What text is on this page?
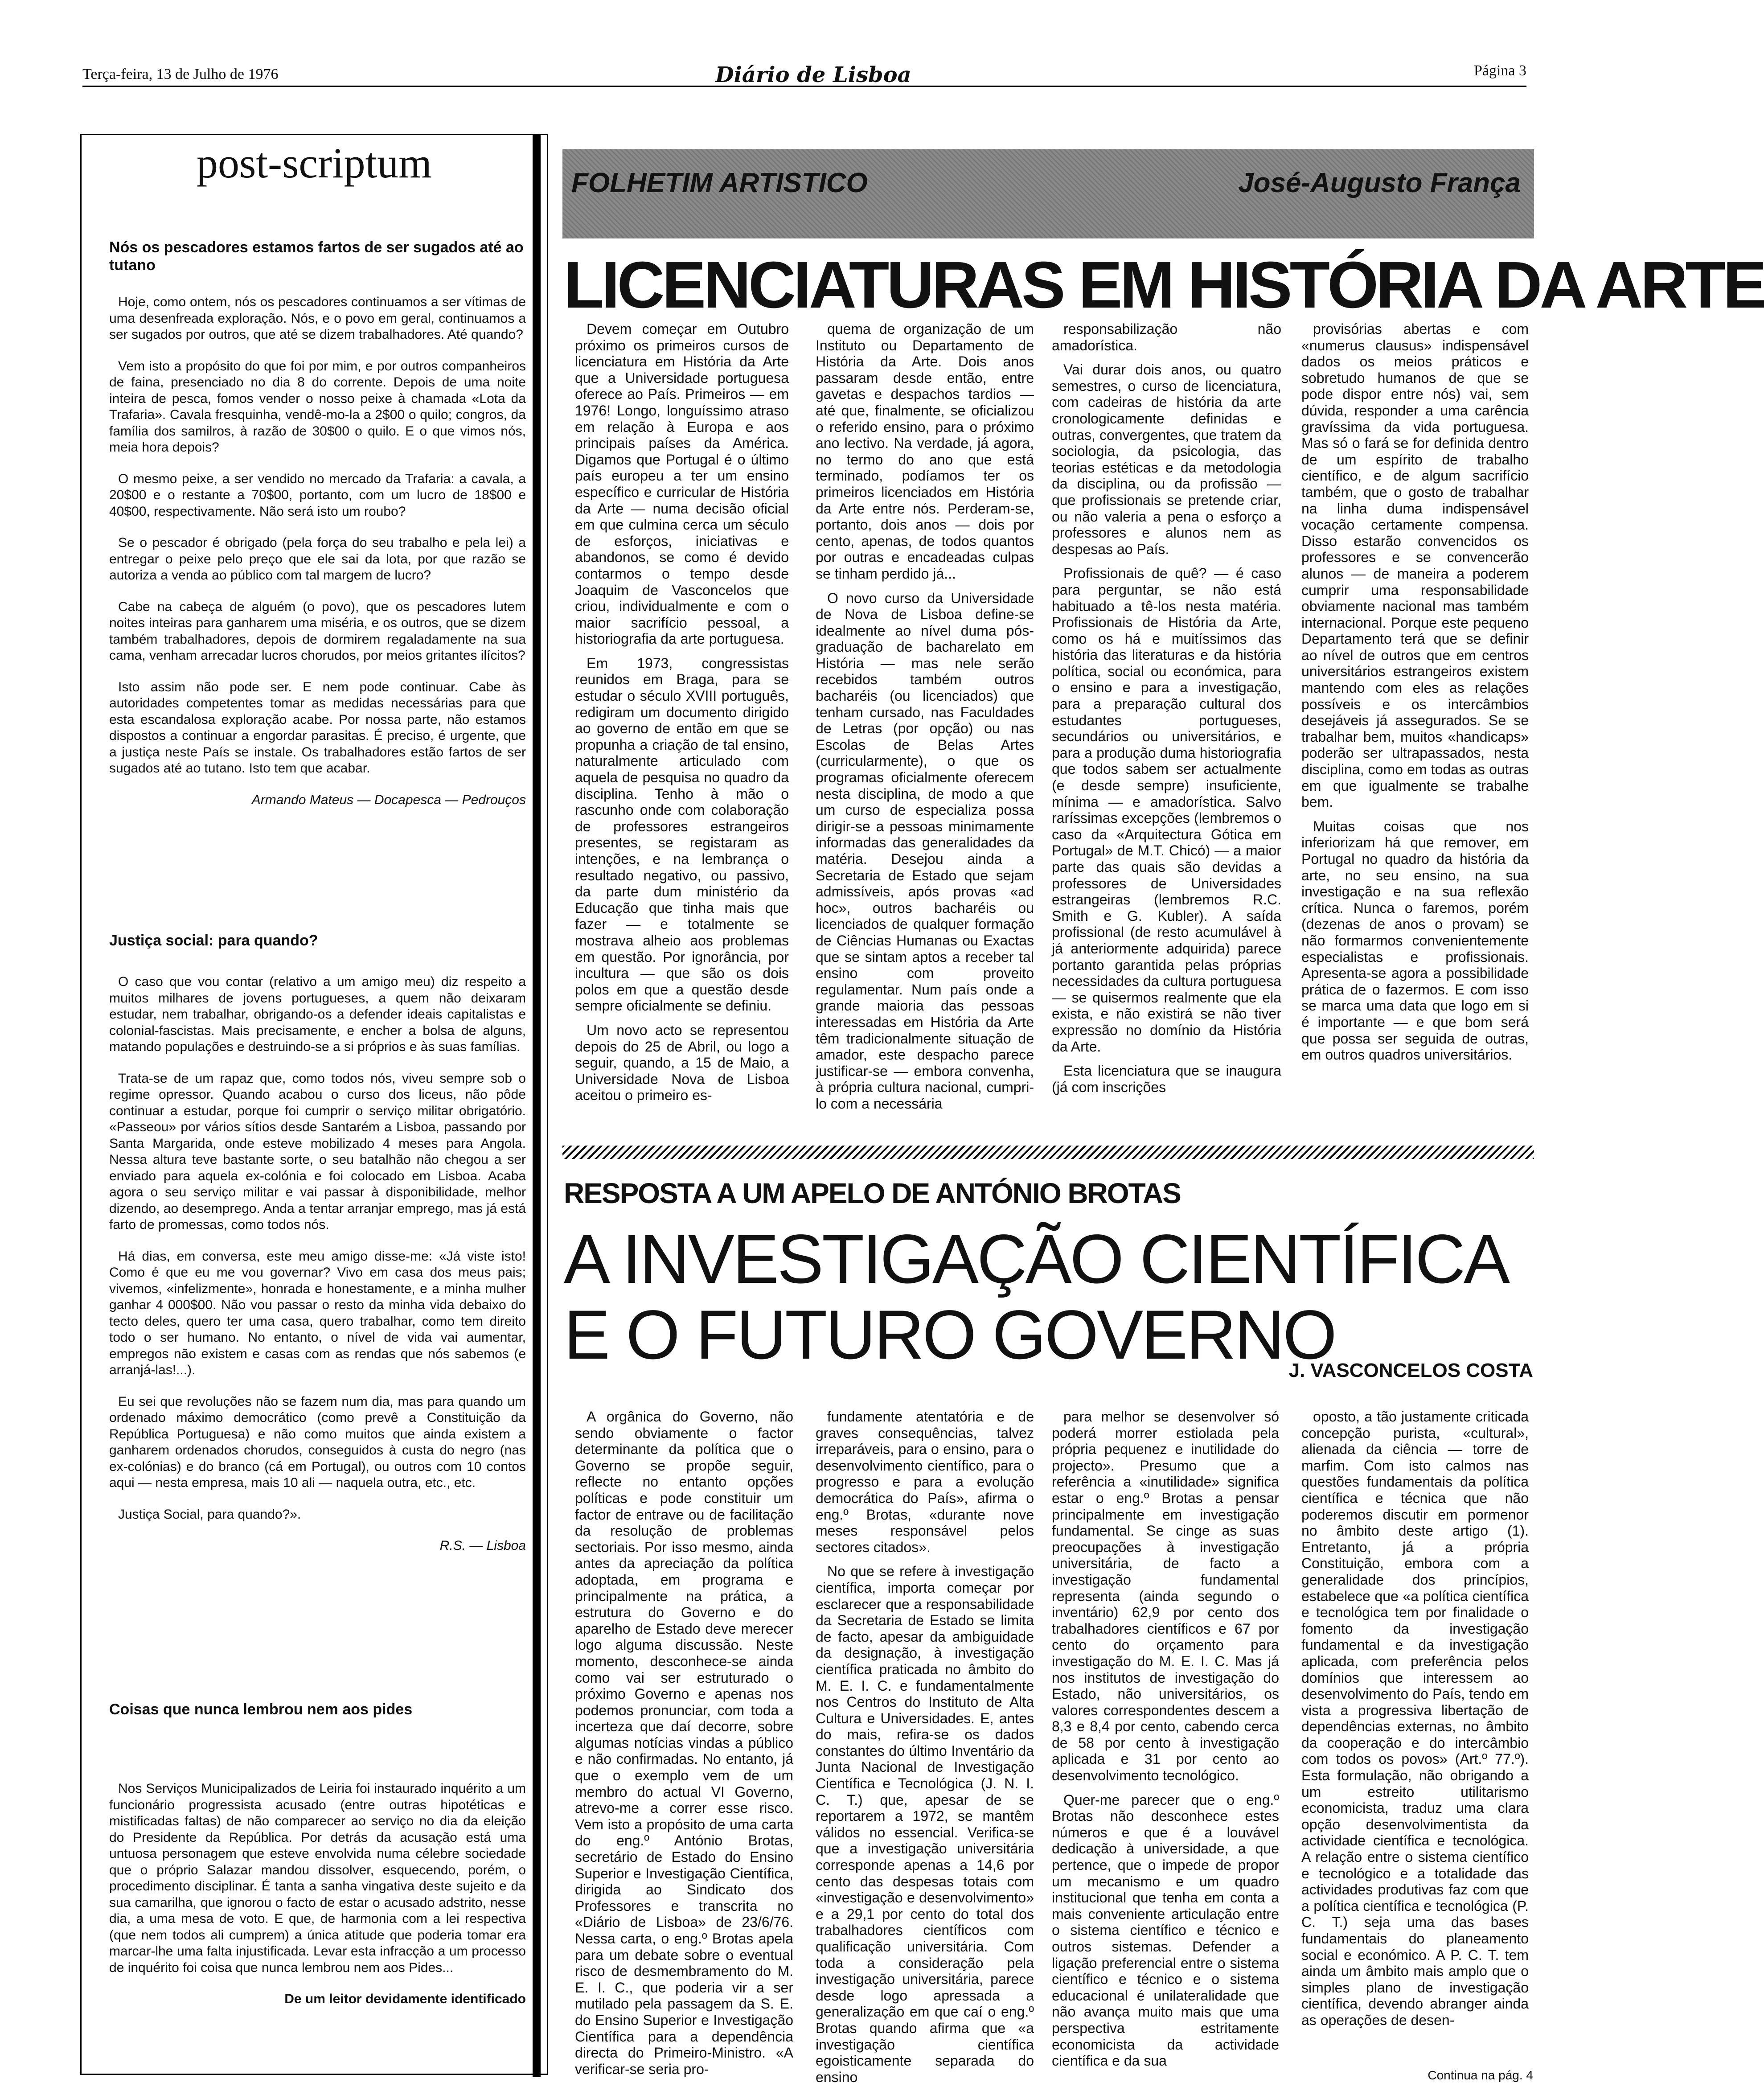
Terça-feira, 13 de Julho de 1976	Diário de Lisboa	Página 3
post-scriptum
Nós os pescadores estamos fartos de ser sugados até ao tutano

Hoje, como ontem, nós os pescadores continuamos a ser vítimas de uma desenfreada exploração. Nós, e o povo em geral, continuamos a ser sugados por outros, que até se dizem trabalhadores. Até quando?

Vem isto a propósito do que foi por mim, e por outros companheiros de faina, presenciado no dia 8 do corrente. Depois de uma noite inteira de pesca, fomos vender o nosso peixe à chamada «Lota da Trafaria». Cavala fresquinha, vendê-mo-la a 2$00 o quilo; congros, da família dos samilros, à razão de 30$00 o quilo. E o que vimos nós, meia hora depois?

O mesmo peixe, a ser vendido no mercado da Trafaria: a cavala, a 20$00 e o restante a 70$00, portanto, com um lucro de 18$00 e 40$00, respectivamente. Não será isto um roubo?

Se o pescador é obrigado (pela força do seu trabalho e pela lei) a entregar o peixe pelo preço que ele sai da lota, por que razão se autoriza a venda ao público com tal margem de lucro?

Cabe na cabeça de alguém (o povo), que os pescadores lutem noites inteiras para ganharem uma miséria, e os outros, que se dizem também trabalhadores, depois de dormirem regaladamente na sua cama, venham arrecadar lucros chorudos, por meios gritantes ilícitos?

Isto assim não pode ser. E nem pode continuar. Cabe às autoridades competentes tomar as medidas necessárias para que esta escandalosa exploração acabe. Por nossa parte, não estamos dispostos a continuar a engordar parasitas. É preciso, é urgente, que a justiça neste País se instale. Os trabalhadores estão fartos de ser sugados até ao tutano. Isto tem que acabar.

Armando Mateus — Docapesca — Pedrouços

Justiça social: para quando?

O caso que vou contar (relativo a um amigo meu) diz respeito a muitos milhares de jovens portugueses, a quem não deixaram estudar, nem trabalhar, obrigando-os a defender ideais capitalistas e colonial-fascistas. Mais precisamente, e encher a bolsa de alguns, matando populações e destruindo-se a si próprios e às suas famílias.

Trata-se de um rapaz que, como todos nós, viveu sempre sob o regime opressor. Quando acabou o curso dos liceus, não pôde continuar a estudar, porque foi cumprir o serviço militar obrigatório. «Passeou» por vários sítios desde Santarém a Lisboa, passando por Santa Margarida, onde esteve mobilizado 4 meses para Angola. Nessa altura teve bastante sorte, o seu batalhão não chegou a ser enviado para aquela ex-colónia e foi colocado em Lisboa. Acaba agora o seu serviço militar e vai passar à disponibilidade, melhor dizendo, ao desemprego. Anda a tentar arranjar emprego, mas já está farto de promessas, como todos nós.

Há dias, em conversa, este meu amigo disse-me: «Já viste isto! Como é que eu me vou governar? Vivo em casa dos meus pais; vivemos, «infelizmente», honrada e honestamente, e a minha mulher ganhar 4 000$00. Não vou passar o resto da minha vida debaixo do tecto deles, quero ter uma casa, quero trabalhar, como tem direito todo o ser humano. No entanto, o nível de vida vai aumentar, empregos não existem e casas com as rendas que nós sabemos (e arranjá-las!...).

Eu sei que revoluções não se fazem num dia, mas para quando um ordenado máximo democrático (como prevê a Constituição da República Portuguesa) e não como muitos que ainda existem a ganharem ordenados chorudos, conseguidos à custa do negro (nas ex-colónias) e do branco (cá em Portugal), ou outros com 10 contos aqui — nesta empresa, mais 10 ali — naquela outra, etc., etc.

Justiça Social, para quando?».

R.S. — Lisboa

Coisas que nunca lembrou nem aos pides

Nos Serviços Municipalizados de Leiria foi instaurado inquérito a um funcionário progressista acusado (entre outras hipotéticas e mistificadas faltas) de não comparecer ao serviço no dia da eleição do Presidente da República. Por detrás da acusação está uma untuosa personagem que esteve envolvida numa célebre sociedade que o próprio Salazar mandou dissolver, esquecendo, porém, o procedimento disciplinar. É tanta a sanha vingativa deste sujeito e da sua camarilha, que ignorou o facto de estar o acusado adstrito, nesse dia, a uma mesa de voto. E que, de harmonia com a lei respectiva (que nem todos ali cumprem) a única atitude que poderia tomar era marcar-lhe uma falta injustificada. Levar esta infracção a um processo de inquérito foi coisa que nunca lembrou nem aos Pides...

De um leitor devidamente identificado

FOLHETIM ARTISTICO	José-Augusto França
LICENCIATURAS EM HISTÓRIA DA ARTE

Devem começar em Outubro próximo os primeiros cursos de licenciatura em História da Arte que a Universidade portuguesa oferece ao País. Primeiros — em 1976! Longo, longuíssimo atraso em relação à Europa e aos principais países da América. Digamos que Portugal é o último país europeu a ter um ensino específico e curricular de História da Arte — numa decisão oficial em que culmina cerca um século de esforços, iniciativas e abandonos, se como é devido contarmos o tempo desde Joaquim de Vasconcelos que criou, individualmente e com o maior sacrifício pessoal, a historiografia da arte portuguesa.

Em 1973, congressistas reunidos em Braga, para se estudar o século XVIII português, redigiram um documento dirigido ao governo de então em que se propunha a criação de tal ensino, naturalmente articulado com aquela de pesquisa no quadro da disciplina. Tenho à mão o rascunho onde com colaboração de professores estrangeiros presentes, se registaram as intenções, e na lembrança o resultado negativo, ou passivo, da parte dum ministério da Educação que tinha mais que fazer — e totalmente se mostrava alheio aos problemas em questão. Por ignorância, por incultura — que são os dois polos em que a questão desde sempre oficialmente se definiu.

Um novo acto se representou depois do 25 de Abril, ou logo a seguir, quando, a 15 de Maio, a Universidade Nova de Lisboa aceitou o primeiro es-

quema de organização de um Instituto ou Departamento de História da Arte. Dois anos passaram desde então, entre gavetas e despachos tardios — até que, finalmente, se oficializou o referido ensino, para o próximo ano lectivo. Na verdade, já agora, no termo do ano que está terminado, podíamos ter os primeiros licenciados em História da Arte entre nós. Perderam-se, portanto, dois anos — dois por cento, apenas, de todos quantos por outras e encadeadas culpas se tinham perdido já...

O novo curso da Universidade de Nova de Lisboa define-se idealmente ao nível duma pós-graduação de bacharelato em História — mas nele serão recebidos também outros bacharéis (ou licenciados) que tenham cursado, nas Faculdades de Letras (por opção) ou nas Escolas de Belas Artes (curricularmente), o que os programas oficialmente oferecem nesta disciplina, de modo a que um curso de especializa possa dirigir-se a pessoas minimamente informadas das generalidades da matéria. Desejou ainda a Secretaria de Estado que sejam admissíveis, após provas «ad hoc», outros bacharéis ou licenciados de qualquer formação de Ciências Humanas ou Exactas que se sintam aptos a receber tal ensino com proveito regulamentar. Num país onde a grande maioria das pessoas interessadas em História da Arte têm tradicionalmente situação de amador, este despacho parece justificar-se — embora convenha, à própria cultura nacional, cumpri-lo com a necessária

responsabilização não amadorística.

Vai durar dois anos, ou quatro semestres, o curso de licenciatura, com cadeiras de história da arte cronologicamente definidas e outras, convergentes, que tratem da sociologia, da psicologia, das teorias estéticas e da metodologia da disciplina, ou da profissão — que profissionais se pretende criar, ou não valeria a pena o esforço a professores e alunos nem as despesas ao País.

Profissionais de quê? — é caso para perguntar, se não está habituado a tê-los nesta matéria. Profissionais de História da Arte, como os há e muitíssimos das história das literaturas e da história política, social ou económica, para o ensino e para a investigação, para a preparação cultural dos estudantes portugueses, secundários ou universitários, e para a produção duma historiografia que todos sabem ser actualmente (e desde sempre) insuficiente, mínima — e amadorística. Salvo raríssimas excepções (lembremos o caso da «Arquitectura Gótica em Portugal» de M.T. Chicó) — a maior parte das quais são devidas a professores de Universidades estrangeiras (lembremos R.C. Smith e G. Kubler). A saída profissional (de resto acumulável à já anteriormente adquirida) parece portanto garantida pelas próprias necessidades da cultura portuguesa — se quisermos realmente que ela exista, e não existirá se não tiver expressão no domínio da História da Arte.

Esta licenciatura que se inaugura (já com inscrições

provisórias abertas e com «numerus clausus» indispensável dados os meios práticos e sobretudo humanos de que se pode dispor entre nós) vai, sem dúvida, responder a uma carência gravíssima da vida portuguesa. Mas só o fará se for definida dentro de um espírito de trabalho científico, e de algum sacrifício também, que o gosto de trabalhar na linha duma indispensável vocação certamente compensa. Disso estarão convencidos os professores e se convencerão alunos — de maneira a poderem cumprir uma responsabilidade obviamente nacional mas também internacional. Porque este pequeno Departamento terá que se definir ao nível de outros que em centros universitários estrangeiros existem mantendo com eles as relações possíveis e os intercâmbios desejáveis já assegurados. Se se trabalhar bem, muitos «handicaps» poderão ser ultrapassados, nesta disciplina, como em todas as outras em que igualmente se trabalhe bem.

Muitas coisas que nos inferiorizam há que remover, em Portugal no quadro da história da arte, no seu ensino, na sua investigação e na sua reflexão crítica. Nunca o faremos, porém (dezenas de anos o provam) se não formarmos convenientemente especialistas e profissionais. Apresenta-se agora a possibilidade prática de o fazermos. E com isso se marca uma data que logo em si é importante — e que bom será que possa ser seguida de outras, em outros quadros universitários.

RESPOSTA A UM APELO DE ANTÓNIO BROTAS
A INVESTIGAÇÃO CIENTÍFICA
E O FUTURO GOVERNO
J. VASCONCELOS COSTA

A orgânica do Governo, não sendo obviamente o factor determinante da política que o Governo se propõe seguir, reflecte no entanto opções políticas e pode constituir um factor de entrave ou de facilitação da resolução de problemas sectoriais. Por isso mesmo, ainda antes da apreciação da política adoptada, em programa e principalmente na prática, a estrutura do Governo e do aparelho de Estado deve merecer logo alguma discussão. Neste momento, desconhece-se ainda como vai ser estruturado o próximo Governo e apenas nos podemos pronunciar, com toda a incerteza que daí decorre, sobre algumas notícias vindas a público e não confirmadas. No entanto, já que o exemplo vem de um membro do actual VI Governo, atrevo-me a correr esse risco. Vem isto a propósito de uma carta do eng.º António Brotas, secretário de Estado do Ensino Superior e Investigação Científica, dirigida ao Sindicato dos Professores e transcrita no «Diário de Lisboa» de 23/6/76. Nessa carta, o eng.º Brotas apela para um debate sobre o eventual risco de desmembramento do M. E. I. C., que poderia vir a ser mutilado pela passagem da S. E. do Ensino Superior e Investigação Científica para a dependência directa do Primeiro-Ministro. «A verificar-se seria pro-

fundamente atentatória e de graves consequências, talvez irreparáveis, para o ensino, para o desenvolvimento científico, para o progresso e para a evolução democrática do País», afirma o eng.º Brotas, «durante nove meses responsável pelos sectores citados».

No que se refere à investigação científica, importa começar por esclarecer que a responsabilidade da Secretaria de Estado se limita de facto, apesar da ambiguidade da designação, à investigação científica praticada no âmbito do M. E. I. C. e fundamentalmente nos Centros do Instituto de Alta Cultura e Universidades. E, antes do mais, refira-se os dados constantes do último Inventário da Junta Nacional de Investigação Científica e Tecnológica (J. N. I. C. T.) que, apesar de se reportarem a 1972, se mantêm válidos no essencial. Verifica-se que a investigação universitária corresponde apenas a 14,6 por cento das despesas totais com «investigação e desenvolvimento» e a 29,1 por cento do total dos trabalhadores científicos com qualificação universitária. Com toda a consideração pela investigação universitária, parece desde logo apressada a generalização em que caí o eng.º Brotas quando afirma que «a investigação científica egoisticamente separada do ensino

para melhor se desenvolver só poderá morrer estiolada pela própria pequenez e inutilidade do projecto». Presumo que a referência a «inutilidade» significa estar o eng.º Brotas a pensar principalmente em investigação fundamental. Se cinge as suas preocupações à investigação universitária, de facto a investigação fundamental representa (ainda segundo o inventário) 62,9 por cento dos trabalhadores científicos e 67 por cento do orçamento para investigação do M. E. I. C. Mas já nos institutos de investigação do Estado, não universitários, os valores correspondentes descem a 8,3 e 8,4 por cento, cabendo cerca de 58 por cento à investigação aplicada e 31 por cento ao desenvolvimento tecnológico.

Quer-me parecer que o eng.º Brotas não desconhece estes números e que é a louvável dedicação à universidade, a que pertence, que o impede de propor um mecanismo e um quadro institucional que tenha em conta a mais conveniente articulação entre o sistema científico e técnico e outros sistemas. Defender a ligação preferencial entre o sistema científico e técnico e o sistema educacional é unilateralidade que não avança muito mais que uma perspectiva estritamente economicista da actividade científica e da sua

oposto, a tão justamente criticada concepção purista, «cultural», alienada da ciência — torre de marfim. Com isto calmos nas questões fundamentais da política científica e técnica que não poderemos discutir em pormenor no âmbito deste artigo (1). Entretanto, já a própria Constituição, embora com a generalidade dos princípios, estabelece que «a política científica e tecnológica tem por finalidade o fomento da investigação fundamental e da investigação aplicada, com preferência pelos domínios que interessem ao desenvolvimento do País, tendo em vista a progressiva libertação de dependências externas, no âmbito da cooperação e do intercâmbio com todos os povos» (Art.º 77.º). Esta formulação, não obrigando a um estreito utilitarismo economicista, traduz uma clara opção desenvolvimentista da actividade científica e tecnológica. A relação entre o sistema científico e tecnológico e a totalidade das actividades produtivas faz com que a política científica e tecnológica (P. C. T.) seja uma das bases fundamentais do planeamento social e económico. A P. C. T. tem ainda um âmbito mais amplo que o simples plano de investigação científica, devendo abranger ainda as operações de desen-

Continua na pág. 4
